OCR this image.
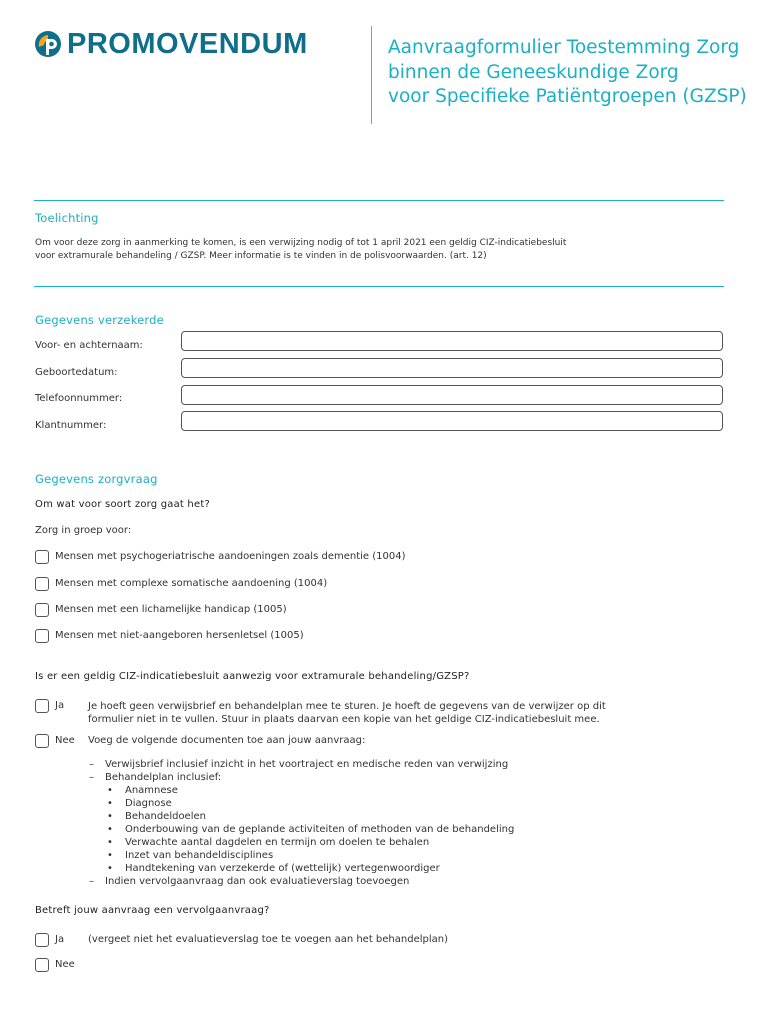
PROMOVENDUM	Aanvraagformulier Toestemming Zorg
binnen de Geneeskundige Zorg
voor Specifieke Patiëntgroepen (GZSP)
Toelichting
Om voor deze zorg in aanmerking te komen, is een verwijzing nodig of tot 1 april 2021 een geldig CIZ-indicatiebesluit
voor extramurale behandeling / GZSP. Meer informatie is te vinden in de polisvoorwaarden. (art. 12)
Gegevens verzekerde
Voor- en achternaam:
Geboortedatum:
Telefoonnummer:
Klantnummer:
Gegevens zorgvraag
Om wat voor soort zorg gaat het?
Zorg in groep voor:
Mensen met psychogeriatrische aandoeningen zoals dementie (1004)
Mensen met complexe somatische aandoening (1004)
Mensen met een lichamelijke handicap (1005)
Mensen met niet-aangeboren hersenletsel (1005)
Is er een geldig CIZ-indicatiebesluit aanwezig voor extramurale behandeling/GZSP?
Ja Je hoeft geen verwijsbrief en behandelplan mee te sturen. Je hoeft de gegevens van de verwijzer op dit
formulier niet in te vullen. Stuur in plaats daarvan een kopie van het geldige CIZ-indicatiebesluit mee.
Nee Voeg de volgende documenten toe aan jouw aanvraag:
–	Verwijsbrief inclusief inzicht in het voortraject en medische reden van verwijzing
–	Behandelplan inclusief:
•	Anamnese
•	Diagnose
•	Behandeldoelen
•	Onderbouwing van de geplande activiteiten of methoden van de behandeling
•	Verwachte aantal dagdelen en termijn om doelen te behalen
•	Inzet van behandeldisciplines
•	Handtekening van verzekerde of (wettelijk) vertegenwoordiger
–	Indien vervolgaanvraag dan ook evaluatieverslag toevoegen
Betreft jouw aanvraag een vervolgaanvraag?
Ja (vergeet niet het evaluatieverslag toe te voegen aan het behandelplan)
Nee
